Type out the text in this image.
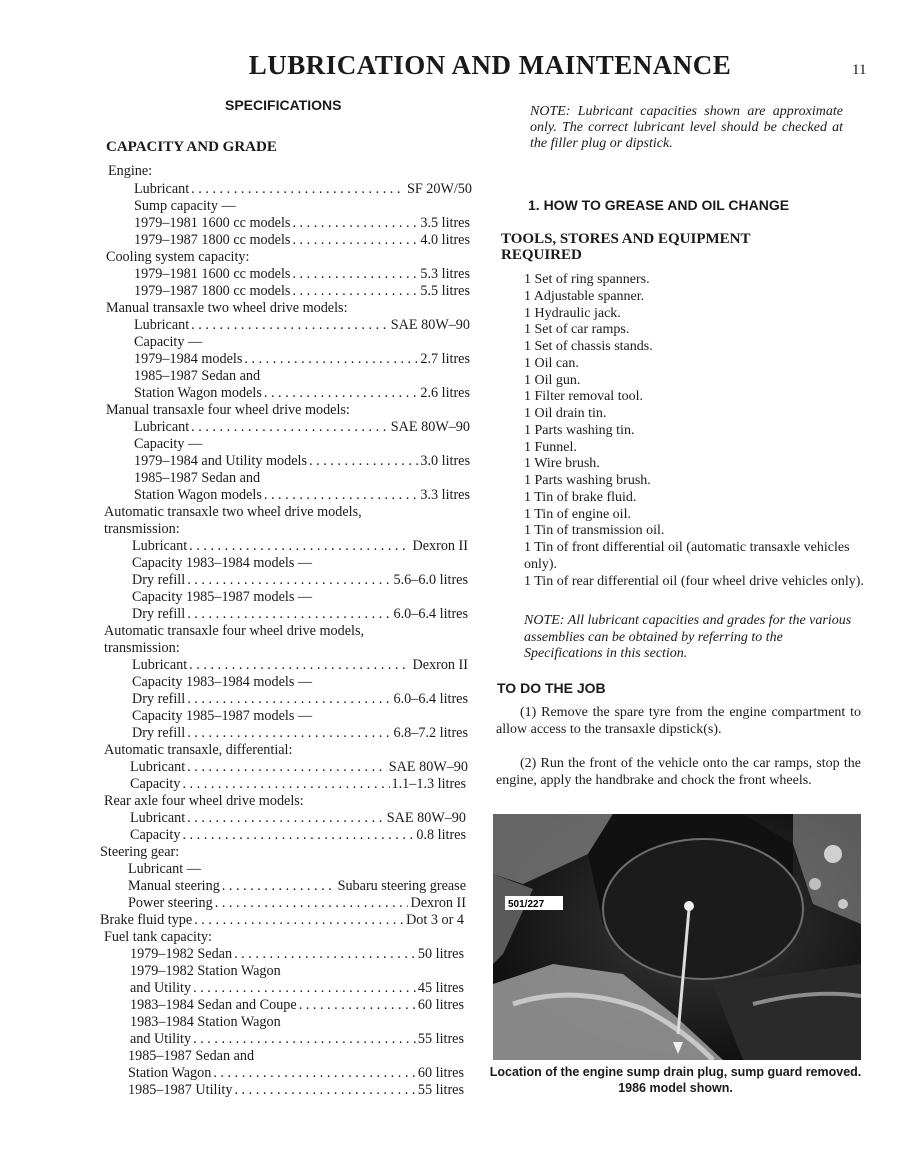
LUBRICATION AND MAINTENANCE	11
SPECIFICATIONS
CAPACITY AND GRADE
Engine:
Lubricant . . .	SF 20W/50
Sump capacity —
1979–1981 1600 cc models . . .	3.5 litres
1979–1987 1800 cc models . . .	4.0 litres
Cooling system capacity:
1979–1981 1600 cc models . . .	5.3 litres
1979–1987 1800 cc models . . .	5.5 litres
Manual transaxle two wheel drive models:
Lubricant . . .	SAE 80W–90
Capacity —
1979–1984 models . . .	2.7 litres
1985–1987 Sedan and
Station Wagon models . . .	2.6 litres
Manual transaxle four wheel drive models:
Lubricant . . .	SAE 80W–90
Capacity —
1979–1984 and Utility models . . .	3.0 litres
1985–1987 Sedan and
Station Wagon models . . .	3.3 litres
Automatic transaxle two wheel drive models,
transmission:
Lubricant . . .	Dexron II
Capacity 1983–1984 models —
Dry refill . . .	5.6–6.0 litres
Capacity 1985–1987 models —
Dry refill . . .	6.0–6.4 litres
Automatic transaxle four wheel drive models,
transmission:
Lubricant . . .	Dexron II
Capacity 1983–1984 models —
Dry refill . . .	6.0–6.4 litres
Capacity 1985–1987 models —
Dry refill . . .	6.8–7.2 litres
Automatic transaxle, differential:
Lubricant . . .	SAE 80W–90
Capacity . . .	1.1–1.3 litres
Rear axle four wheel drive models:
Lubricant . . .	SAE 80W–90
Capacity . . .	0.8 litres
Steering gear:
Lubricant —
Manual steering . . .	Subaru steering grease
Power steering . . .	Dexron II
Brake fluid type . . .	Dot 3 or 4
Fuel tank capacity:
1979–1982 Sedan . . .	50 litres
1979–1982 Station Wagon
and Utility . . .	45 litres
1983–1984 Sedan and Coupe . . .	60 litres
1983–1984 Station Wagon
and Utility . . .	55 litres
1985–1987 Sedan and
Station Wagon . . .	60 litres
1985–1987 Utility . . .	55 litres
NOTE: Lubricant capacities shown are approximate only. The correct lubricant level should be checked at the filler plug or dipstick.
1. HOW TO GREASE AND OIL CHANGE
TOOLS, STORES AND EQUIPMENT REQUIRED
1 Set of ring spanners.
1 Adjustable spanner.
1 Hydraulic jack.
1 Set of car ramps.
1 Set of chassis stands.
1 Oil can.
1 Oil gun.
1 Filter removal tool.
1 Oil drain tin.
1 Parts washing tin.
1 Funnel.
1 Wire brush.
1 Parts washing brush.
1 Tin of brake fluid.
1 Tin of engine oil.
1 Tin of transmission oil.
1 Tin of front differential oil (automatic transaxle vehicles only).
1 Tin of rear differential oil (four wheel drive vehicles only).
NOTE: All lubricant capacities and grades for the various assemblies can be obtained by referring to the Specifications in this section.
TO DO THE JOB
(1) Remove the spare tyre from the engine compartment to allow access to the transaxle dipstick(s).
(2) Run the front of the vehicle onto the car ramps, stop the engine, apply the handbrake and chock the front wheels.
501/227
Location of the engine sump drain plug, sump guard removed. 1986 model shown.
